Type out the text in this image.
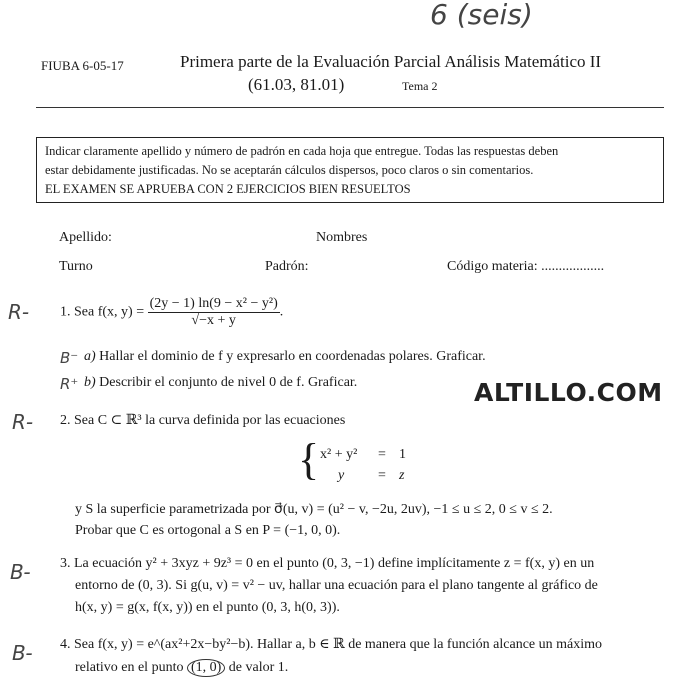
6 (seis)
FIUBA 6-05-17	Primera parte de la Evaluación Parcial Análisis Matemático II
(61.03, 81.01)	Tema 2
Indicar claramente apellido y número de padrón en cada hoja que entregue. Todas las respuestas deben
estar debidamente justificadas. No se aceptarán cálculos dispersos, poco claros o sin comentarios.
EL EXAMEN SE APRUEBA CON 2 EJERCICIOS BIEN RESUELTOS
Apellido:	Nombres
Turno	Padrón:	Código materia: ..................
R- 1. Sea f(x, $y) = \frac{\text{(2y − 1) ln(9 − x² − y²)}}{√-x + y}$ .
B⁻ a) Hallar el dominio de f y expresarlo en coordenadas polares. Graficar.
R⁺ b) Describir el conjunto de nivel 0 de f. Graficar.	ALTILLO.COM
R- 2. Sea C ⊂ ℝ³ la curva definida por las ecuaciones
{ x² + y² = 1
y = z
y S la superficie parametrizada por σ⃗(u, v) = (u² − v, −2u, 2uv), −1 ≤ u ≤ 2, 0 ≤ v ≤ 2.
Probar que C es ortogonal a S en P = (−1, 0, 0).
B- 3. La ecuación y² + 3xyz + 9z³ = 0 en el punto (0, 3, −1) define implícitamente z = f(x, y) en un
entorno de (0, 3). Si g(u, v) = v² − uv, hallar una ecuación para el plano tangente al gráfico de
h(x, y) = g(x, f(x, y)) en el punto (0, 3, h(0, 3)).
B- 4. Sea f(x, y) = e^(ax²+2x−by²−b). Hallar a, b ∈ ℝ de manera que la función alcance un máximo
relativo en el punto (1, 0) de valor 1.
